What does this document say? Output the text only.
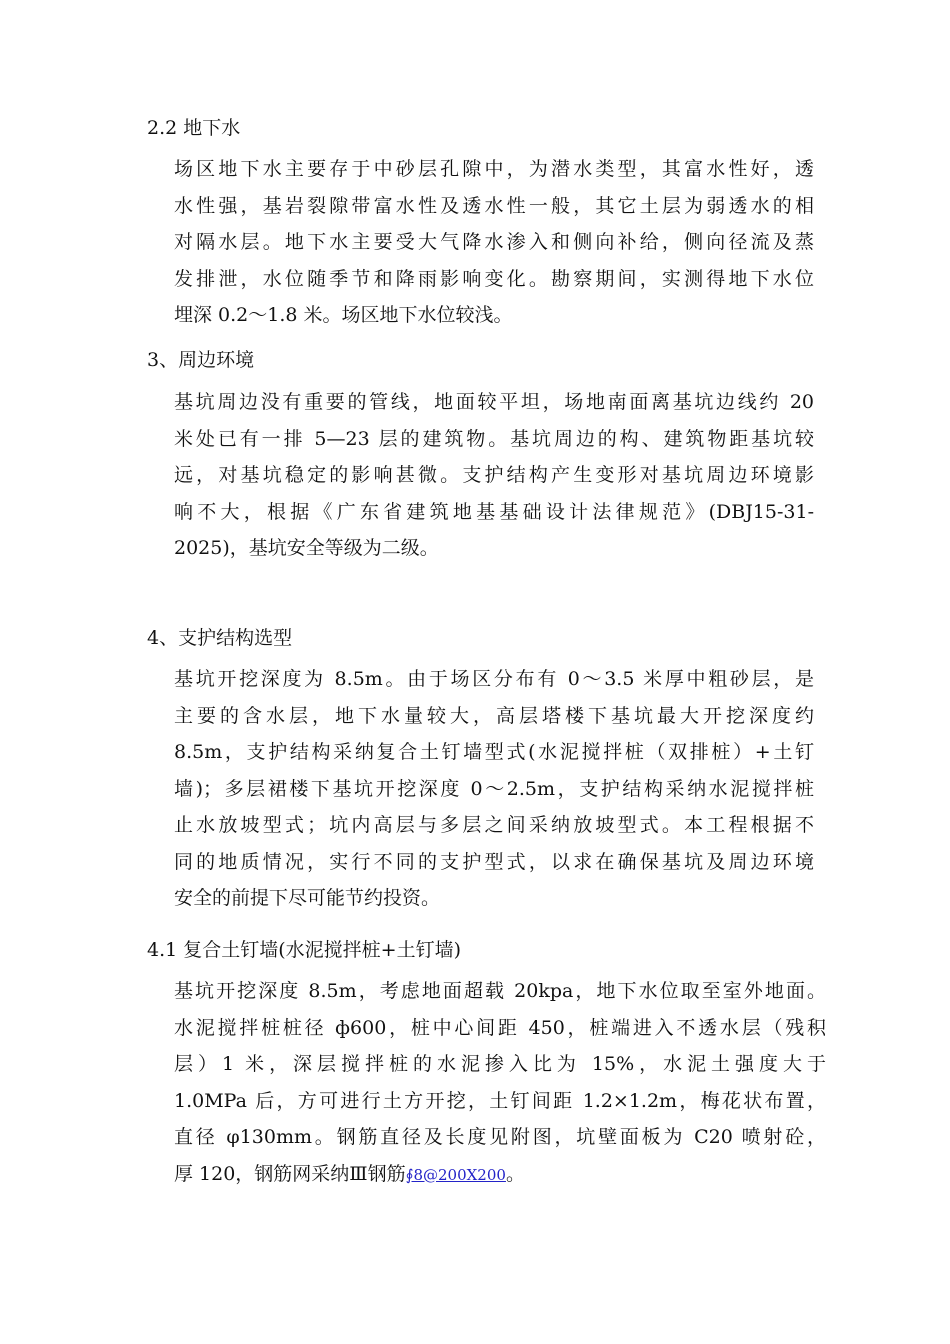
2.2 地下水
场区地下水主要存于中砂层孔隙中，为潜水类型，其富水性好，透
水性强，基岩裂隙带富水性及透水性一般，其它土层为弱透水的相
对隔水层。地下水主要受大气降水渗入和侧向补给，侧向径流及蒸
发排泄，水位随季节和降雨影响变化。勘察期间，实测得地下水位
埋深 0.2～1.8 米。场区地下水位较浅。
3、周边环境
基坑周边没有重要的管线，地面较平坦，场地南面离基坑边线约 20
米处已有一排 5—23 层的建筑物。基坑周边的构、建筑物距基坑较
远，对基坑稳定的影响甚微。支护结构产生变形对基坑周边环境影
响不大，根据《广东省建筑地基基础设计法律规范》(DBJ15-31-
2025)，基坑安全等级为二级。
4、支护结构选型
基坑开挖深度为 8.5m。由于场区分布有 0～3.5 米厚中粗砂层，是
主要的含水层，地下水量较大，高层塔楼下基坑最大开挖深度约
8.5m，支护结构采纳复合土钉墙型式(水泥搅拌桩（双排桩）+土钉
墙)；多层裙楼下基坑开挖深度 0～2.5m，支护结构采纳水泥搅拌桩
止水放坡型式；坑内高层与多层之间采纳放坡型式。本工程根据不
同的地质情况，实行不同的支护型式，以求在确保基坑及周边环境
安全的前提下尽可能节约投资。
4.1 复合土钉墙(水泥搅拌桩+土钉墙)
基坑开挖深度 8.5m，考虑地面超载 20kpa，地下水位取至室外地面。
水泥搅拌桩桩径 ф600，桩中心间距 450，桩端进入不透水层（残积
层）1 米，深层搅拌桩的水泥掺入比为 15%，水泥土强度大于
1.0MPa 后，方可进行土方开挖，土钉间距 1.2×1.2m，梅花状布置，
直径 φ130mm。钢筋直径及长度见附图，坑壁面板为 C20 喷射砼，
厚 120，钢筋网采纳Ⅲ钢筋∮8@200X200。
